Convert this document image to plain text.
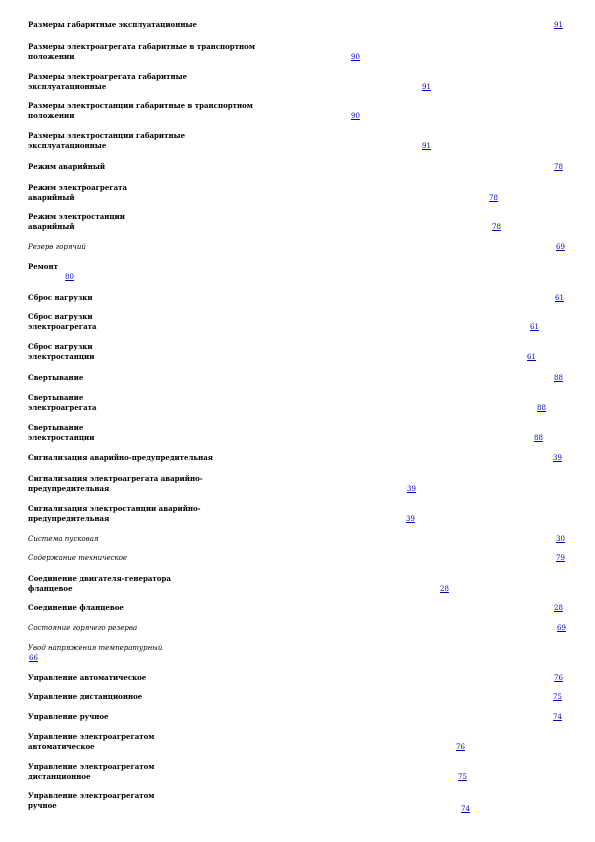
Размеры габаритные эксплуатационные	91
Размеры электроагрегата габаритные в транспортном
положении	90
Размеры электроагрегата габаритные
эксплуатационные	91
Размеры электростанции габаритные в транспортном
положении	90
Размеры электростанции габаритные
эксплуатационные	91
Режим аварийный	78
Режим электроагрегата
аварийный	78
Режим электростанции
аварийный	78
Резерв горячий	69
Ремонт
80
Сброс нагрузки	61
Сброс нагрузки
электроагрегата	61
Сброс нагрузки
электростанции	61
Свертывание	88
Свертывание
электроагрегата	88
Свертывание
электростанции	88
Сигнализация аварийно-предупредительная	39
Сигнализация электроагрегата аварийно-
предупредительная	39
Сигнализация электростанции аварийно-
предупредительная	39
Система пусковая	30
Содержание техническое	79
Соединение двигателя-генератора
фланцевое	28
Соединение фланцевое	28
Состояние горячего резерва	69
Увод напряжения температурный
66
Управление автоматическое	76
Управление дистанционное	75
Управление ручное	74
Управление электроагрегатом
автоматическое	76
Управление электроагрегатом
дистанционное	75
Управление электроагрегатом
ручное	74
